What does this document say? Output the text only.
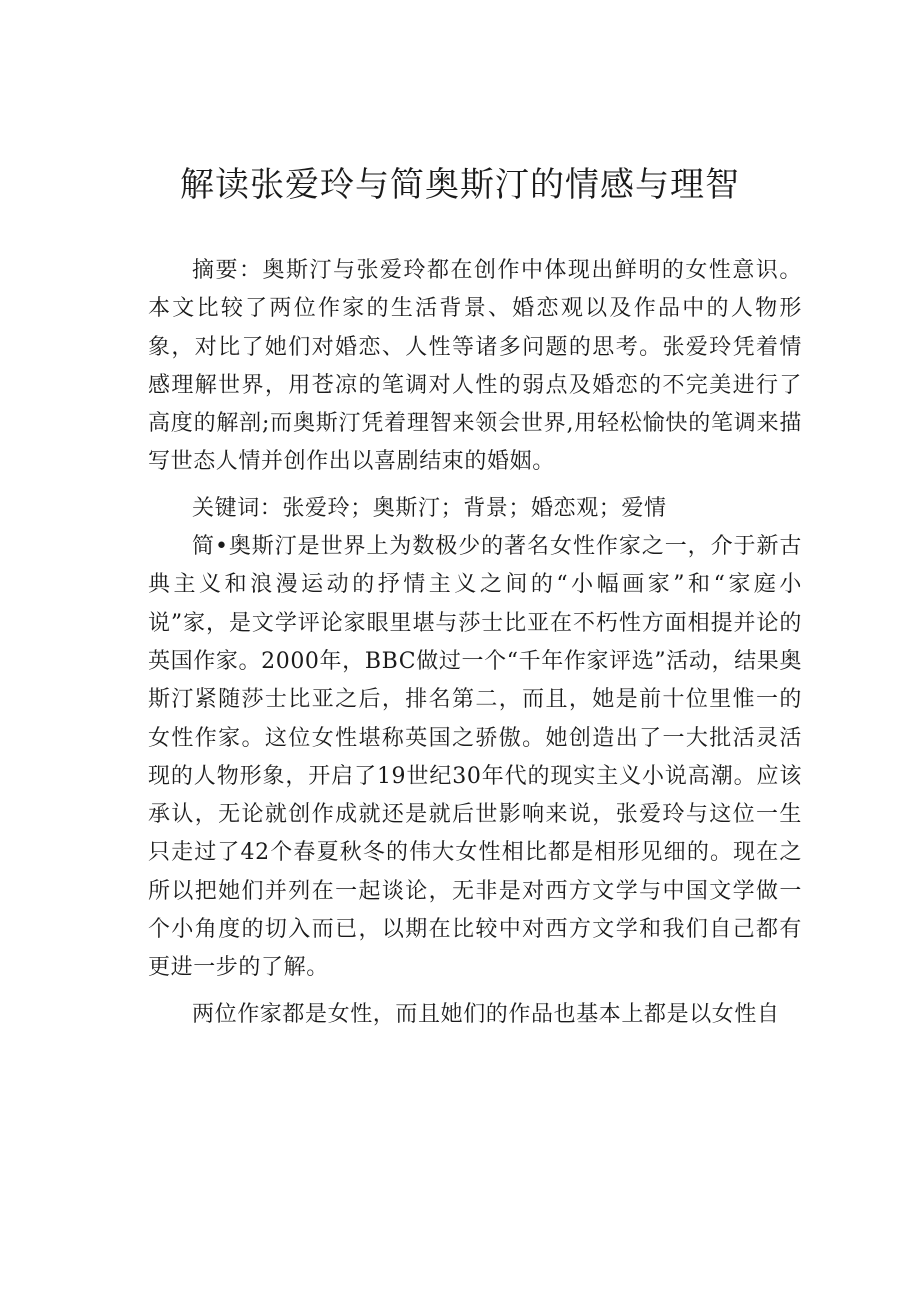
解读张爱玲与简奥斯汀的情感与理智

摘要：奥斯汀与张爱玲都在创作中体现出鲜明的女性意识。本文比较了两位作家的生活背景、婚恋观以及作品中的人物形象，对比了她们对婚恋、人性等诸多问题的思考。张爱玲凭着情感理解世界，用苍凉的笔调对人性的弱点及婚恋的不完美进行了高度的解剖;而奥斯汀凭着理智来领会世界,用轻松愉快的笔调来描写世态人情并创作出以喜剧结束的婚姻。

关键词：张爱玲；奥斯汀；背景；婚恋观；爱情

简•奥斯汀是世界上为数极少的著名女性作家之一，介于新古典主义和浪漫运动的抒情主义之间的“小幅画家”和“家庭小说”家，是文学评论家眼里堪与莎士比亚在不朽性方面相提并论的英国作家。2000年，BBC做过一个“千年作家评选”活动，结果奥斯汀紧随莎士比亚之后，排名第二，而且，她是前十位里惟一的女性作家。这位女性堪称英国之骄傲。她创造出了一大批活灵活现的人物形象，开启了19世纪30年代的现实主义小说高潮。应该承认，无论就创作成就还是就后世影响来说，张爱玲与这位一生只走过了42个春夏秋冬的伟大女性相比都是相形见细的。现在之所以把她们并列在一起谈论，无非是对西方文学与中国文学做一个小角度的切入而已，以期在比较中对西方文学和我们自己都有更进一步的了解。

两位作家都是女性，而且她们的作品也基本上都是以女性自
